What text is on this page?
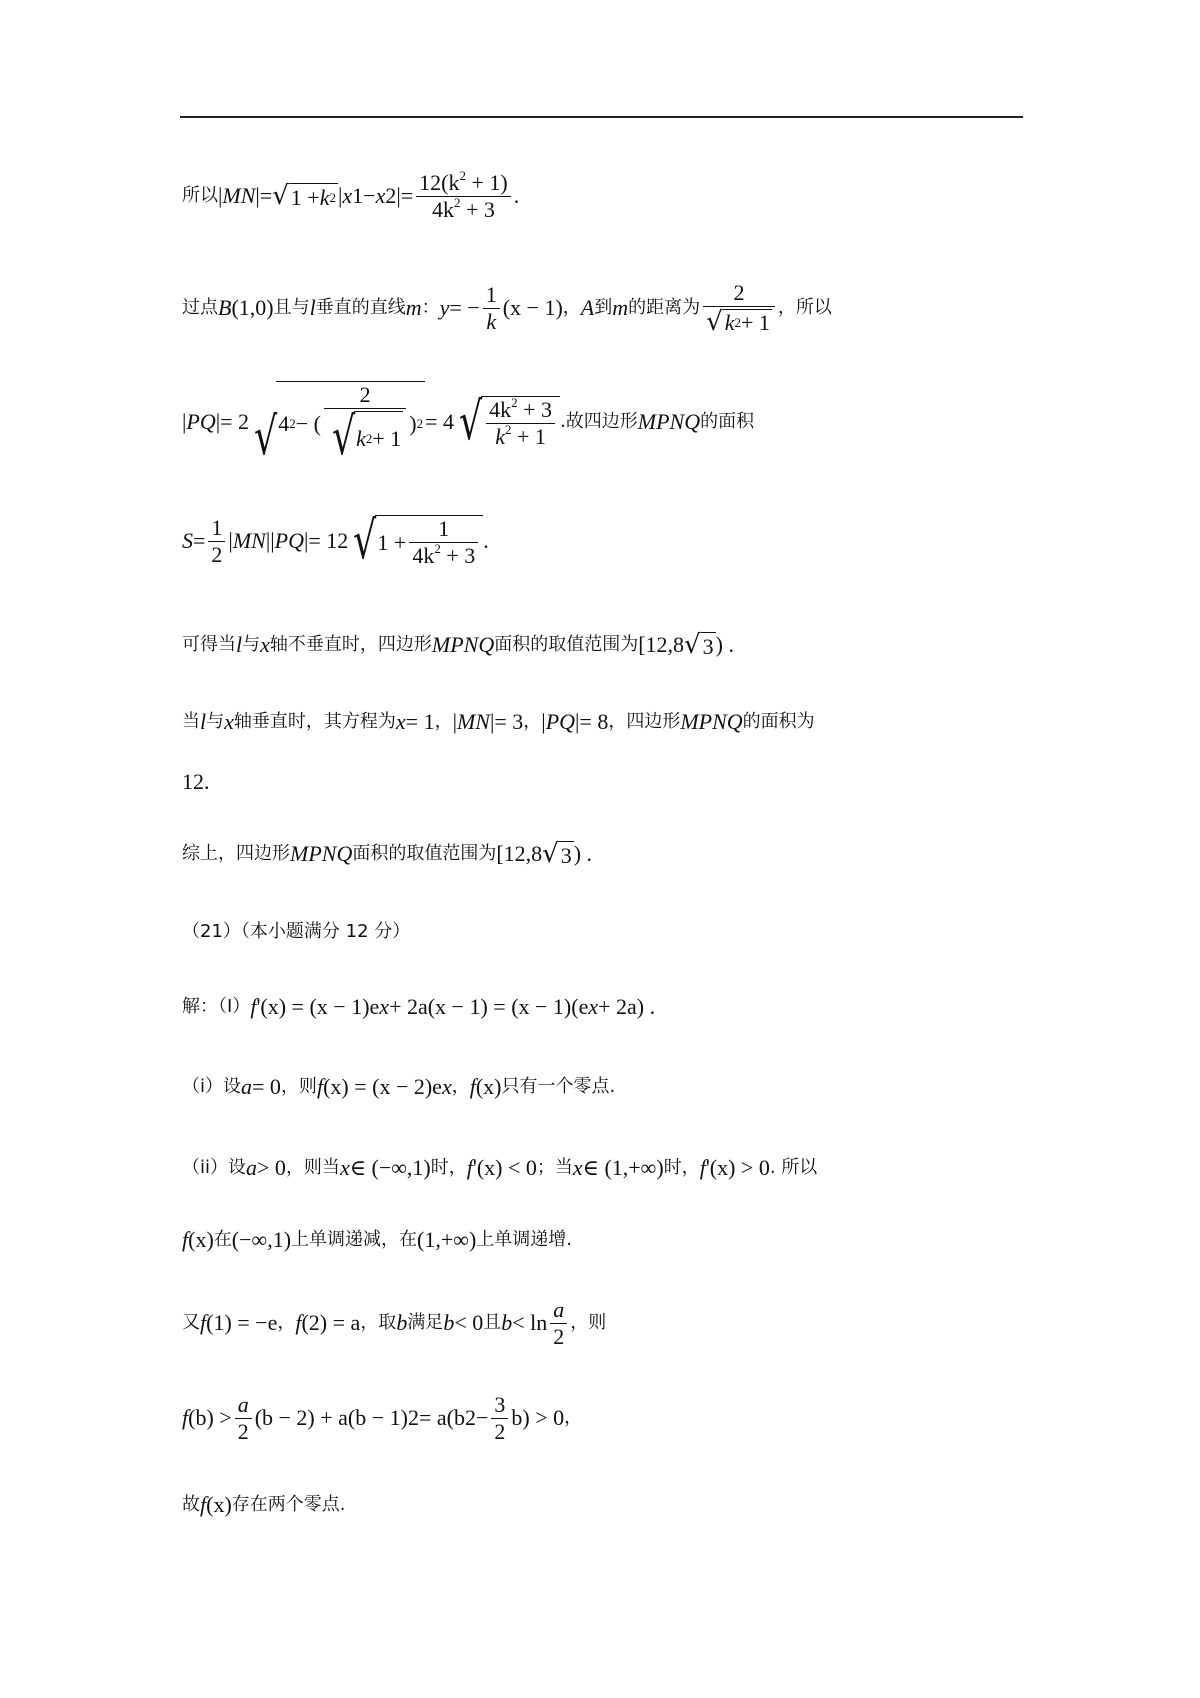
所以 | MN |= √ 1 + k 2 | x 1 − x 2 |= $\frac{12(k^2 + 1)}{4k^2 + 3}$ .
过点 B (1,0) 且与 l 垂直的直线 m ： y = − $\frac{1}{k} (x - 1)$ ， A 到 m 的距离为 $\frac{2}{√ k 2 + 1}$ ，所以
| PQ |= 2 √ 4 2 − ( $\frac{2}{√ k 2 + 1}$ ) 2 = 4 √ $\frac{4k^2 + 3}{k^2 + 1}$ .故四边形 MPNQ 的面积
$S = \frac{1}{2}$ | MN || PQ |= 12 √ $1 + \frac{1}{4k^2 + 3}$ .
可得当 l 与 x 轴不垂直时，四边形 MPNQ 面积的取值范围为 [12,8 √ 3 ) .
当 l 与 x 轴垂直时，其方程为 x = 1 ， | MN |= 3 ， | PQ |= 8 ，四边形 MPNQ 的面积为
12.
综上，四边形 MPNQ 面积的取值范围为 [12,8 √ 3 ) .
（21）（本小题满分 12 分）
解：（Ⅰ） f '(x) = (x − 1)e x + 2a(x − 1) = (x − 1)(e x + 2a) .
（i）设 a = 0 ，则 f (x) = (x − 2)e x ， f (x) 只有一个零点.
（ii）设 a > 0 ，则当 x ∈ (−∞,1) 时， f '(x) < 0 ；当 x ∈ (1,+∞) 时， f '(x) > 0 . 所以
f (x) 在 (−∞,1) 上单调递减，在 (1,+∞) 上单调递增.
又 f (1) = −e ， f (2) = a ，取 b 满足 b < 0 且 $b < \ln \frac{a}{2}$ ，则
f $(b) > \frac{a}{2} (b - 2) + a(b - 1) 2 = a(b$ $2 - \frac{3}{2} b) > 0$ ，
故 f (x) 存在两个零点.
